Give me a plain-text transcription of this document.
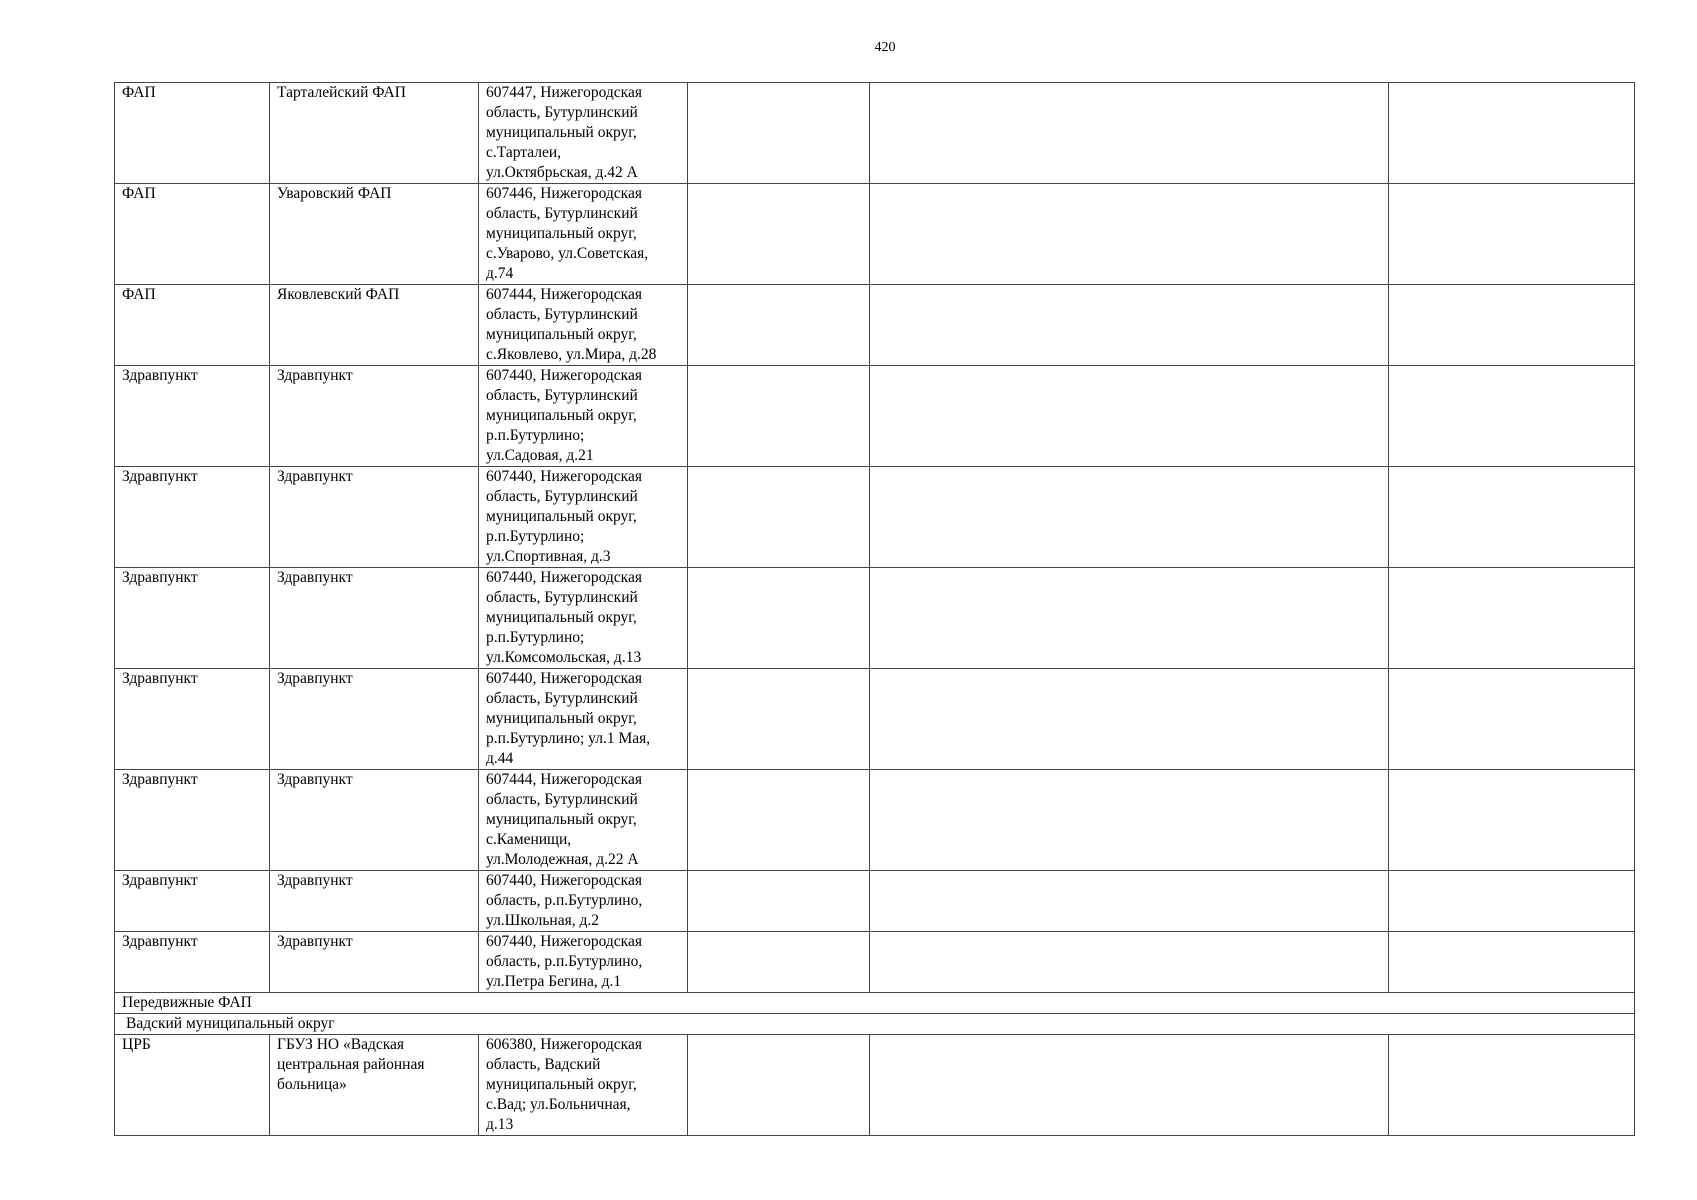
420
ФАП	Тарталейский ФАП	607447, Нижегородская
область, Бутурлинский
муниципальный округ,
с.Тарталеи,
ул.Октябрьская, д.42 А			
ФАП	Уваровский ФАП	607446, Нижегородская
область, Бутурлинский
муниципальный округ,
с.Уварово, ул.Советская,
д.74			
ФАП	Яковлевский ФАП	607444, Нижегородская
область, Бутурлинский
муниципальный округ,
с.Яковлево, ул.Мира, д.28			
Здравпункт	Здравпункт	607440, Нижегородская
область, Бутурлинский
муниципальный округ,
р.п.Бутурлино;
ул.Садовая, д.21			
Здравпункт	Здравпункт	607440, Нижегородская
область, Бутурлинский
муниципальный округ,
р.п.Бутурлино;
ул.Спортивная, д.3			
Здравпункт	Здравпункт	607440, Нижегородская
область, Бутурлинский
муниципальный округ,
р.п.Бутурлино;
ул.Комсомольская, д.13			
Здравпункт	Здравпункт	607440, Нижегородская
область, Бутурлинский
муниципальный округ,
р.п.Бутурлино; ул.1 Мая,
д.44			
Здравпункт	Здравпункт	607444, Нижегородская
область, Бутурлинский
муниципальный округ,
с.Каменищи,
ул.Молодежная, д.22 А			
Здравпункт	Здравпункт	607440, Нижегородская
область, р.п.Бутурлино,
ул.Школьная, д.2			
Здравпункт	Здравпункт	607440, Нижегородская
область, р.п.Бутурлино,
ул.Петра Бегина, д.1			
Передвижные ФАП					
Вадский муниципальный округ					
ЦРБ	ГБУЗ НО «Вадская
центральная районная
больница»	606380, Нижегородская
область, Вадский
муниципальный округ,
с.Вад; ул.Больничная,
д.13			
